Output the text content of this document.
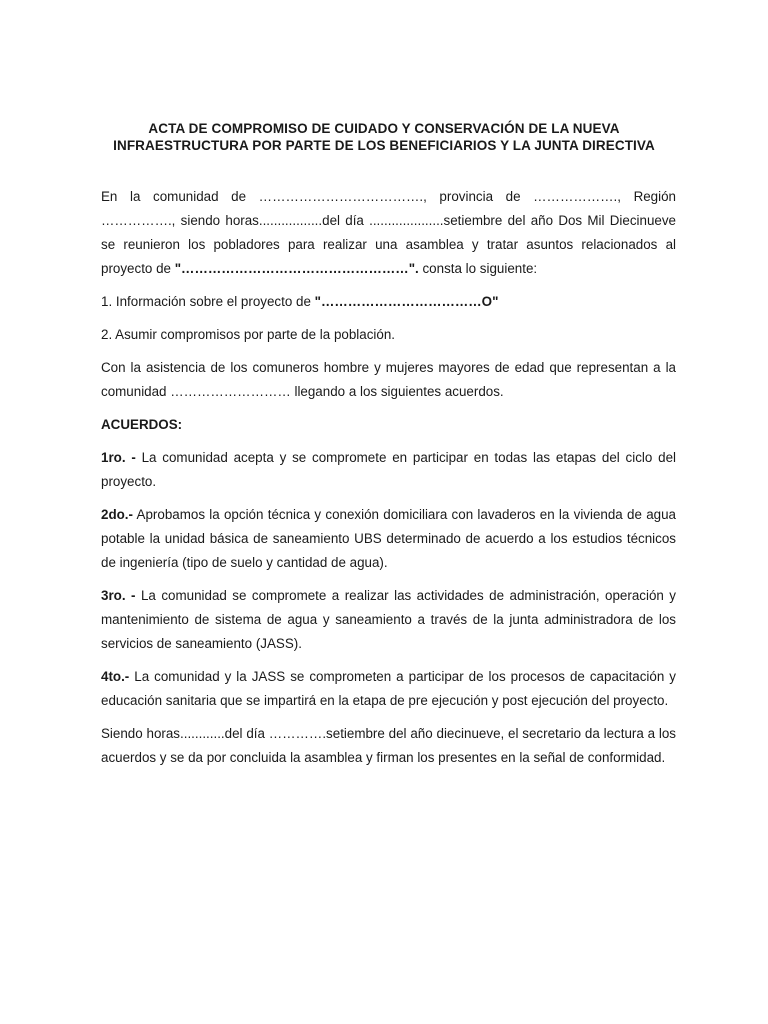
ACTA DE COMPROMISO DE CUIDADO Y CONSERVACIÓN DE LA NUEVA
INFRAESTRUCTURA POR PARTE DE LOS BENEFICIARIOS Y LA JUNTA DIRECTIVA

En la comunidad de ………………………………., provincia de ………………., Región ……………., siendo horas.................del día ....................setiembre del año Dos Mil Diecinueve se reunieron los pobladores para realizar una asamblea y tratar asuntos relacionados al proyecto de "……………………………………………". consta lo siguiente:

1. Información sobre el proyecto de "………………………………O"

2. Asumir compromisos por parte de la población.

Con la asistencia de los comuneros hombre y mujeres mayores de edad que representan a la comunidad ……………………… llegando a los siguientes acuerdos.

ACUERDOS:

1ro. - La comunidad acepta y se compromete en participar en todas las etapas del ciclo del proyecto.

2do.- Aprobamos la opción técnica y conexión domiciliara con lavaderos en la vivienda de agua potable la unidad básica de saneamiento UBS determinado de acuerdo a los estudios técnicos de ingeniería (tipo de suelo y cantidad de agua).

3ro. - La comunidad se compromete a realizar las actividades de administración, operación y mantenimiento de sistema de agua y saneamiento a través de la junta administradora de los servicios de saneamiento (JASS).

4to.- La comunidad y la JASS se comprometen a participar de los procesos de capacitación y educación sanitaria que se impartirá en la etapa de pre ejecución y post ejecución del proyecto.

Siendo horas............del día ………….setiembre del año diecinueve, el secretario da lectura a los acuerdos y se da por concluida la asamblea y firman los presentes en la señal de conformidad.
